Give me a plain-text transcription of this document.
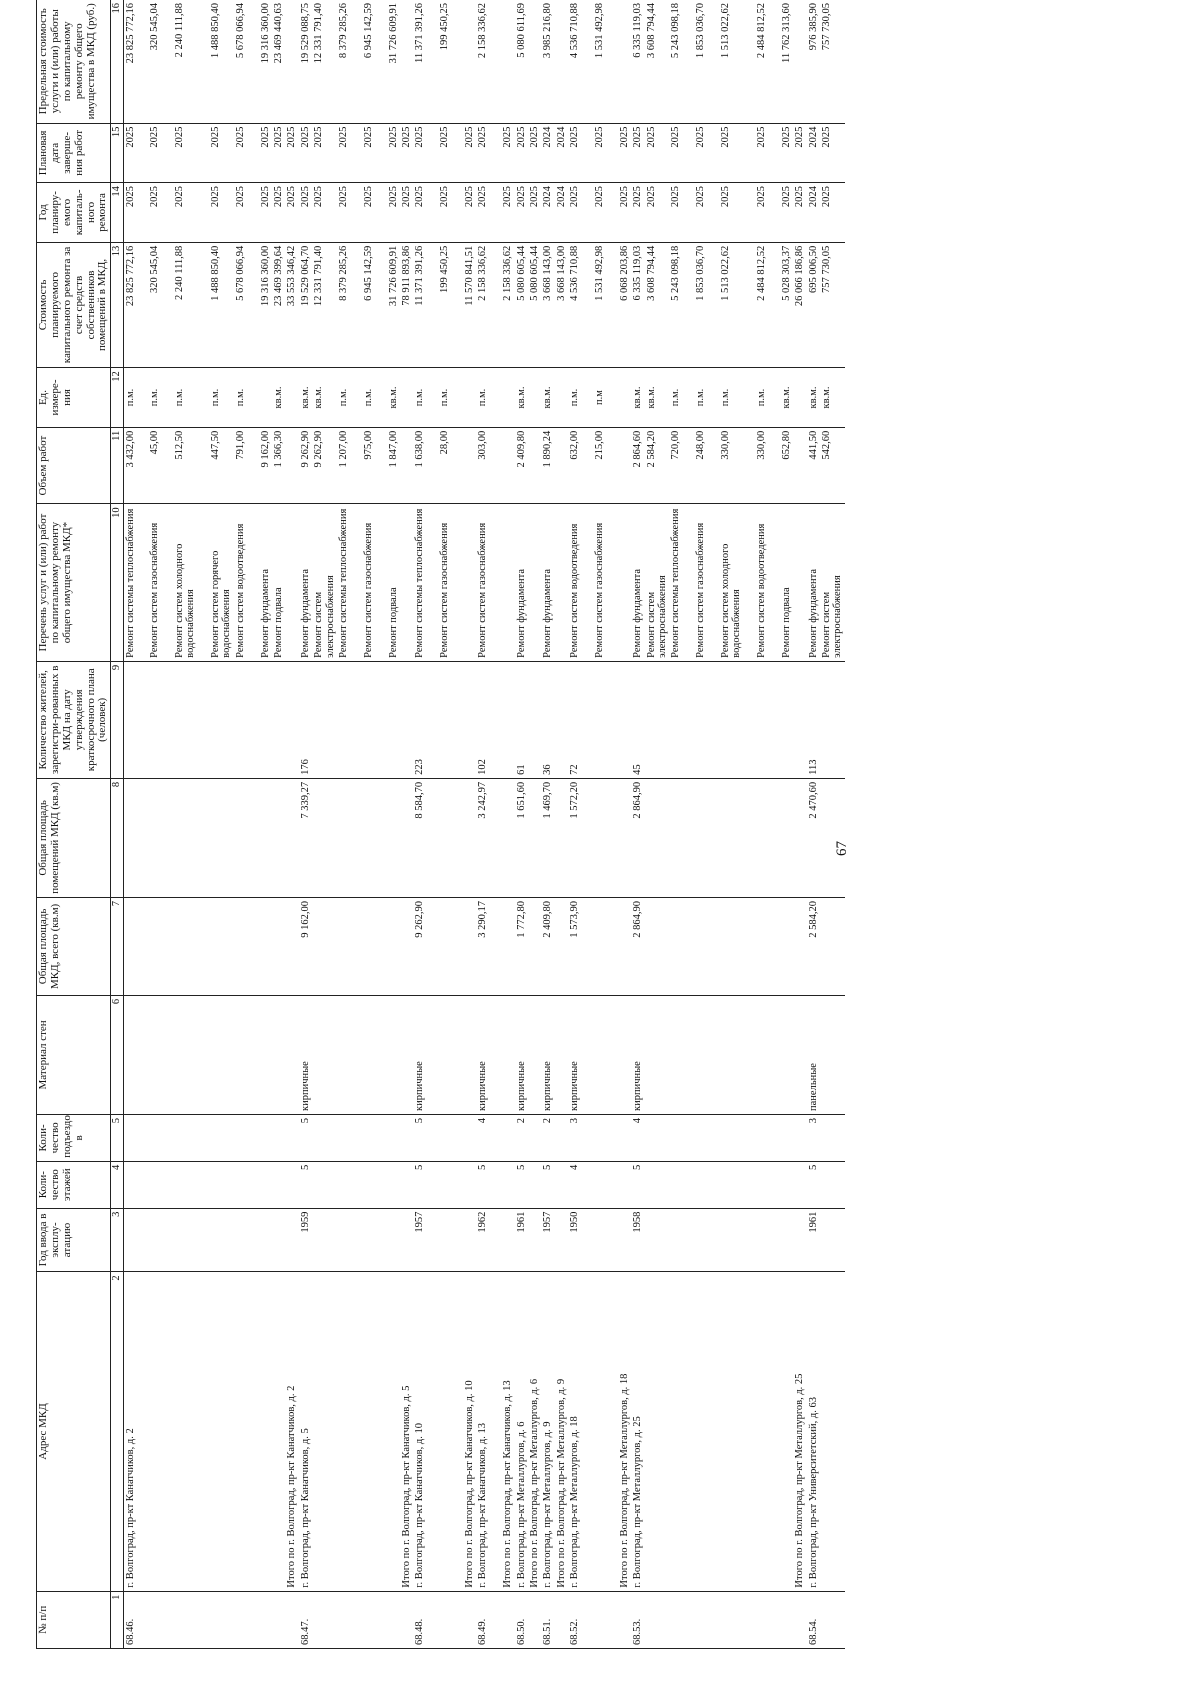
67
№ п/п	Адрес МКД	Год ввода в эксплу-атацию	Коли-чество этажей	Коли-чество подъездо в	Материал стен	Общая площадь МКД, всего (кв.м)	Общая площадь помещений МКД (кв.м)	Количество жителей, зарегистри-рованных в МКД на дату утверждения краткосрочного плана (человек)	Перечень услуг и (или) работ по капитальному ремонту общего имущества МКД*	Объем работ	Ед. измере-ния	Стоимость планируемого капитального ремонта за счет средств собственников помещений в МКД,	Год планиру-емого капиталь-ного ремонта	Плановая дата заверше-ния работ	Предельная стоимость услуги и (или) работы по капитальному ремонту общего имущества в МКД (руб.)
1	2	3	4	5	6	7	8	9	10	11	12	13	14	15	16
68.46.	г. Волгоград, пр-кт Канатчиков, д. 2								Ремонт системы теплоснабжения	3 432,00	п.м.	23 825 772,16	2025	2025	23 825 772,16
									Ремонт систем газоснабжения	45,00	п.м.	320 545,04	2025	2025	320 545,04
									Ремонт систем холодного водоснабжения	512,50	п.м.	2 240 111,88	2025	2025	2 240 111,88
									Ремонт систем горячего водоснабжения	447,50	п.м.	1 488 850,40	2025	2025	1 488 850,40
									Ремонт систем водоотведения	791,00	п.м.	5 678 066,94	2025	2025	5 678 066,94
									Ремонт фундамента	9 162,00		19 316 360,00	2025	2025	19 316 360,00
									Ремонт подвала	1 366,30	кв.м.	23 469 399,64	2025	2025	23 469 440,63
	Итого по г. Волгоград, пр-кт Канатчиков, д. 2											33 553 346,42	2025	2025	
68.47.	г. Волгоград, пр-кт Канатчиков, д. 5	1959	5	5	кирпичные	9 162,00	7 339,27	176	Ремонт фундамента	9 262,90	кв.м.	19 529 064,70	2025	2025	19 529 088,75
									Ремонт систем электроснабжения	9 262,90	кв.м.	12 331 791,40	2025	2025	12 331 791,40
									Ремонт системы теплоснабжения	1 207,00	п.м.	8 379 285,26	2025	2025	8 379 285,26
									Ремонт систем газоснабжения	975,00	п.м.	6 945 142,59	2025	2025	6 945 142,59
									Ремонт подвала	1 847,00	кв.м.	31 726 609,91	2025	2025	31 726 609,91
	Итого по г. Волгоград, пр-кт Канатчиков, д. 5											78 911 893,86	2025	2025	
68.48.	г. Волгоград, пр-кт Канатчиков, д. 10	1957	5	5	кирпичные	9 262,90	8 584,70	223	Ремонт системы теплоснабжения	1 638,00	п.м.	11 371 391,26	2025	2025	11 371 391,26
									Ремонт систем газоснабжения	28,00	п.м.	199 450,25	2025	2025	199 450,25
	Итого по г. Волгоград, пр-кт Канатчиков, д. 10											11 570 841,51	2025	2025	
68.49.	г. Волгоград, пр-кт Канатчиков, д. 13	1962	5	4	кирпичные	3 290,17	3 242,97	102	Ремонт систем газоснабжения	303,00	п.м.	2 158 336,62	2025	2025	2 158 336,62
	Итого по г. Волгоград, пр-кт Канатчиков, д. 13											2 158 336,62	2025	2025	
68.50.	г. Волгоград, пр-кт Металлургов, д. 6	1961	5	2	кирпичные	1 772,80	1 651,60	61	Ремонт фундамента	2 409,80	кв.м.	5 080 605,44	2025	2025	5 080 611,69
	Итого по г. Волгоград, пр-кт Металлургов, д. 6											5 080 605,44	2025	2025	
68.51.	г. Волгоград, пр-кт Металлургов, д. 9	1957	5	2	кирпичные	2 409,80	1 469,70	36	Ремонт фундамента	1 890,24	кв.м.	3 668 143,00	2024	2024	3 985 216,80
	Итого по г. Волгоград, пр-кт Металлургов, д. 9											3 668 143,00	2024	2024	
68.52.	г. Волгоград, пр-кт Металлургов, д. 18	1950	4	3	кирпичные	1 573,90	1 572,20	72	Ремонт систем водоотведения	632,00	п.м.	4 536 710,88	2025	2025	4 536 710,88
									Ремонт систем газоснабжения	215,00	п.м	1 531 492,98	2025	2025	1 531 492,98
	Итого по г. Волгоград, пр-кт Металлургов, д. 18											6 068 203,86	2025	2025	
68.53.	г. Волгоград, пр-кт Металлургов, д. 25	1958	5	4	кирпичные	2 864,90	2 864,90	45	Ремонт фундамента	2 864,60	кв.м.	6 335 119,03	2025	2025	6 335 119,03
									Ремонт систем электроснабжения	2 584,20	кв.м.	3 608 794,44	2025	2025	3 608 794,44
									Ремонт системы теплоснабжения	720,00	п.м.	5 243 098,18	2025	2025	5 243 098,18
									Ремонт систем газоснабжения	248,00	п.м.	1 853 036,70	2025	2025	1 853 036,70
									Ремонт систем холодного водоснабжения	330,00	п.м.	1 513 022,62	2025	2025	1 513 022,62
									Ремонт систем водоотведения	330,00	п.м.	2 484 812,52	2025	2025	2 484 812,52
									Ремонт подвала	652,80	кв.м.	5 028 303,37	2025	2025	11 762 313,60
	Итого по г. Волгоград, пр-кт Металлургов, д. 25											26 066 186,86	2025	2025	
68.54.	г. Волгоград, пр-кт Университетский, д. 63	1961	5	3	панельные	2 584,20	2 470,60	113	Ремонт фундамента	441,50	кв.м.	695 006,50	2024	2024	976 385,90
									Ремонт систем электроснабжения	542,60	кв.м.	757 730,05	2025	2025	757 730,05
